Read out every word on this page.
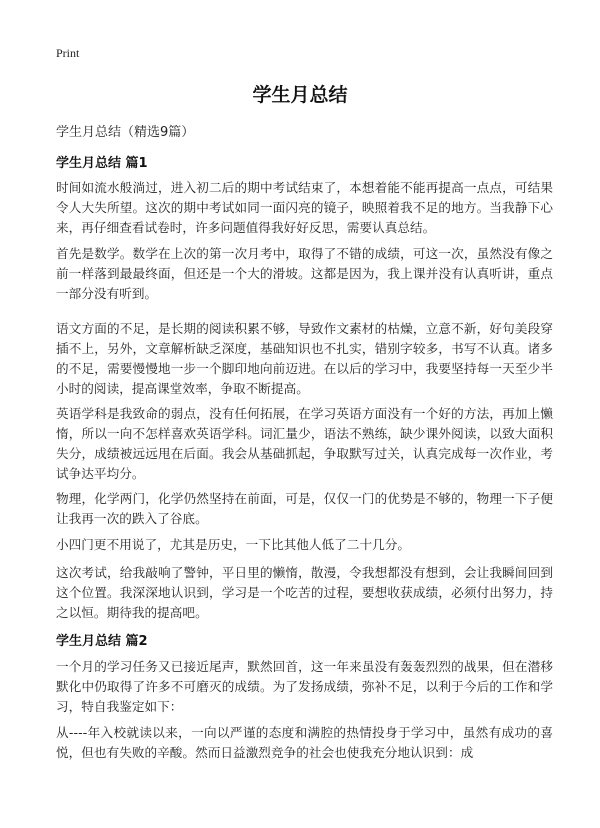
Print
学生月总结
学生月总结（精选9篇）
学生月总结 篇1

时间如流水般淌过，进入初二后的期中考试结束了，本想着能不能再提高一点点，可结果令人大失所望。这次的期中考试如同一面闪亮的镜子，映照着我不足的地方。当我静下心来，再仔细查看试卷时，许多问题值得我好好反思，需要认真总结。

首先是数学。数学在上次的第一次月考中，取得了不错的成绩，可这一次，虽然没有像之前一样落到最最终面，但还是一个大的滑坡。这都是因为，我上课并没有认真听讲，重点一部分没有听到。

语文方面的不足，是长期的阅读积累不够，导致作文素材的枯燥，立意不新，好句美段穿插不上，另外，文章解析缺乏深度，基础知识也不扎实，错别字较多，书写不认真。诸多的不足，需要慢慢地一步一个脚印地向前迈进。在以后的学习中，我要坚持每一天至少半小时的阅读，提高课堂效率，争取不断提高。

英语学科是我致命的弱点，没有任何拓展，在学习英语方面没有一个好的方法，再加上懒惰，所以一向不怎样喜欢英语学科。词汇量少，语法不熟练，缺少课外阅读，以致大面积失分，成绩被远远甩在后面。我会从基础抓起，争取默写过关，认真完成每一次作业，考试争达平均分。

物理，化学两门，化学仍然坚持在前面，可是，仅仅一门的优势是不够的，物理一下子便让我再一次的跌入了谷底。

小四门更不用说了，尤其是历史，一下比其他人低了二十几分。

这次考试，给我敲响了警钟，平日里的懒惰，散漫，令我想都没有想到，会让我瞬间回到这个位置。我深深地认识到，学习是一个吃苦的过程，要想收获成绩，必须付出努力，持之以恒。期待我的提高吧。

学生月总结 篇2

一个月的学习任务又已接近尾声，默然回首，这一年来虽没有轰轰烈烈的战果，但在潜移默化中仍取得了许多不可磨灭的成绩。为了发扬成绩，弥补不足，以利于今后的工作和学习，特自我鉴定如下：

从----年入校就读以来，一向以严谨的态度和满腔的热情投身于学习中，虽然有成功的喜悦，但也有失败的辛酸。然而日益激烈竞争的社会也使我充分地认识到：成
